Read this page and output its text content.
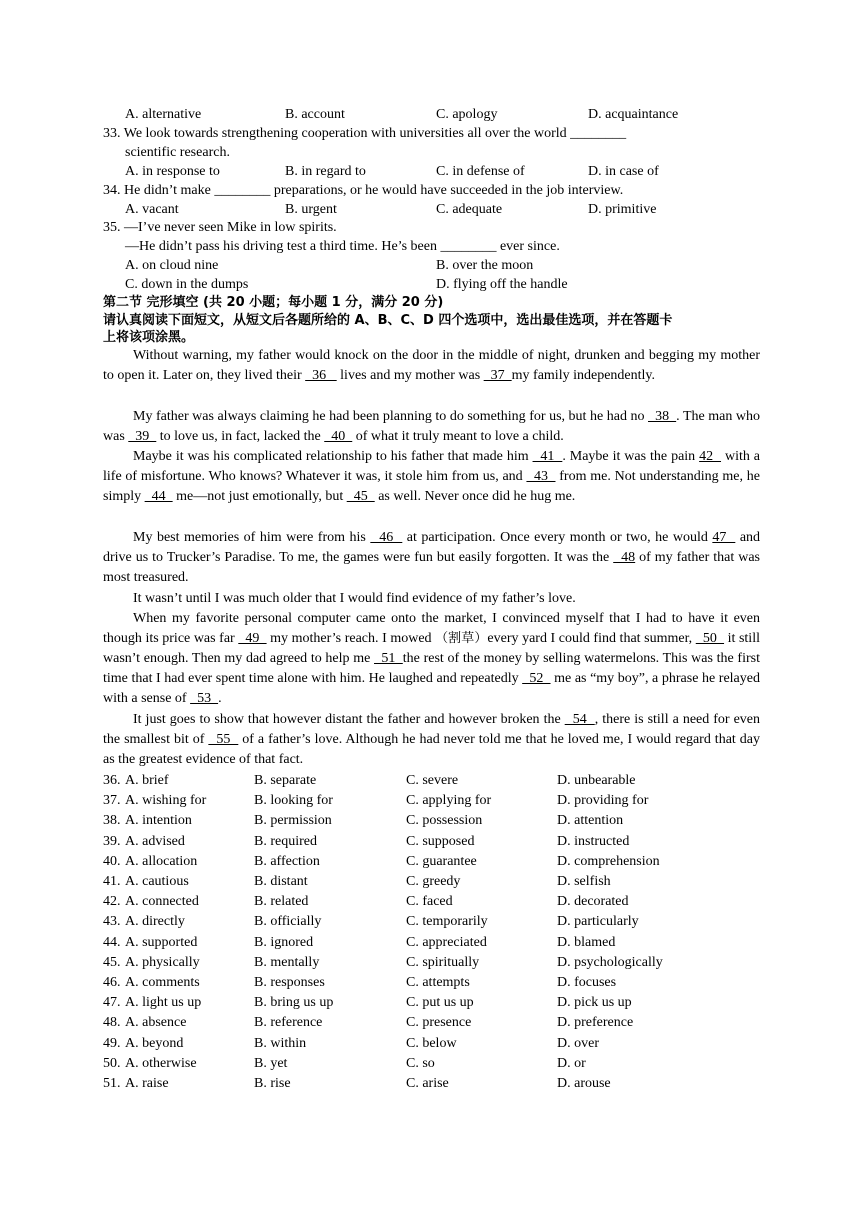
A. alternative	B. account	C. apology	D. acquaintance
33. We look towards strengthening cooperation with universities all over the world ________
scientific research.
A. in response to	B. in regard to	C. in defense of	D. in case of
34. He didn’t make ________ preparations, or he would have succeeded in the job interview.
A. vacant	B. urgent	C. adequate	D. primitive
35. —I’ve never seen Mike in low spirits.
—He didn’t pass his driving test a third time. He’s been ________ ever since.
A. on cloud nine	B. over the moon
C. down in the dumps	D. flying off the handle
第二节 完形填空 (共 20 小题；每小题 1 分，满分 20 分)
请认真阅读下面短文，从短文后各题所给的 A、B、C、D 四个选项中，选出最佳选项，并在答题卡
上将该项涂黑。
Without warning, my father would knock on the door in the middle of night, drunken and begging my mother to open it. Later on, they lived their   36    lives and my mother was   37  my family independently.
My father was always claiming he had been planning to do something for us, but he had no   38  . The man who was   39   to love us, in fact, lacked the   40   of what it truly meant to love a child.
Maybe it was his complicated relationship to his father that made him   41  . Maybe it was the pain 42   with a life of misfortune. Who knows? Whatever it was, it stole him from us, and   43   from me. Not understanding me, he simply   44   me—not just emotionally, but   45   as well. Never once did he hug me.
My best memories of him were from his   46   at participation. Once every month or two, he would 47   and drive us to Trucker’s Paradise. To me, the games were fun but easily forgotten. It was the   48 of my father that was most treasured.
It wasn’t until I was much older that I would find evidence of my father’s love.
When my favorite personal computer came onto the market, I convinced myself that I had to have it even though its price was far   49   my mother’s reach. I mowed （割草）every yard I could find that summer,   50   it still wasn’t enough. Then my dad agreed to help me   51  the rest of the money by selling watermelons. This was the first time that I had ever spent time alone with him. He laughed and repeatedly   52   me as “my boy”, a phrase he relayed with a sense of   53  .
It just goes to show that however distant the father and however broken the   54  , there is still a need for even the smallest bit of   55   of a father’s love. Although he had never told me that he loved me, I would regard that day as the greatest evidence of that fact.
36. A. brief	B. separate	C. severe	D. unbearable
37. A. wishing for	B. looking for	C. applying for	D. providing for
38. A. intention	B. permission	C. possession	D. attention
39. A. advised	B. required	C. supposed	D. instructed
40. A. allocation	B. affection	C. guarantee	D. comprehension
41. A. cautious	B. distant	C. greedy	D. selfish
42. A. connected	B. related	C. faced	D. decorated
43. A. directly	B. officially	C. temporarily	D. particularly
44. A. supported	B. ignored	C. appreciated	D. blamed
45. A. physically	B. mentally	C. spiritually	D. psychologically
46. A. comments	B. responses	C. attempts	D. focuses
47. A. light us up	B. bring us up	C. put us up	D. pick us up
48. A. absence	B. reference	C. presence	D. preference
49. A. beyond	B. within	C. below	D. over
50. A. otherwise	B. yet	C. so	D. or
51. A. raise	B. rise	C. arise	D. arouse
